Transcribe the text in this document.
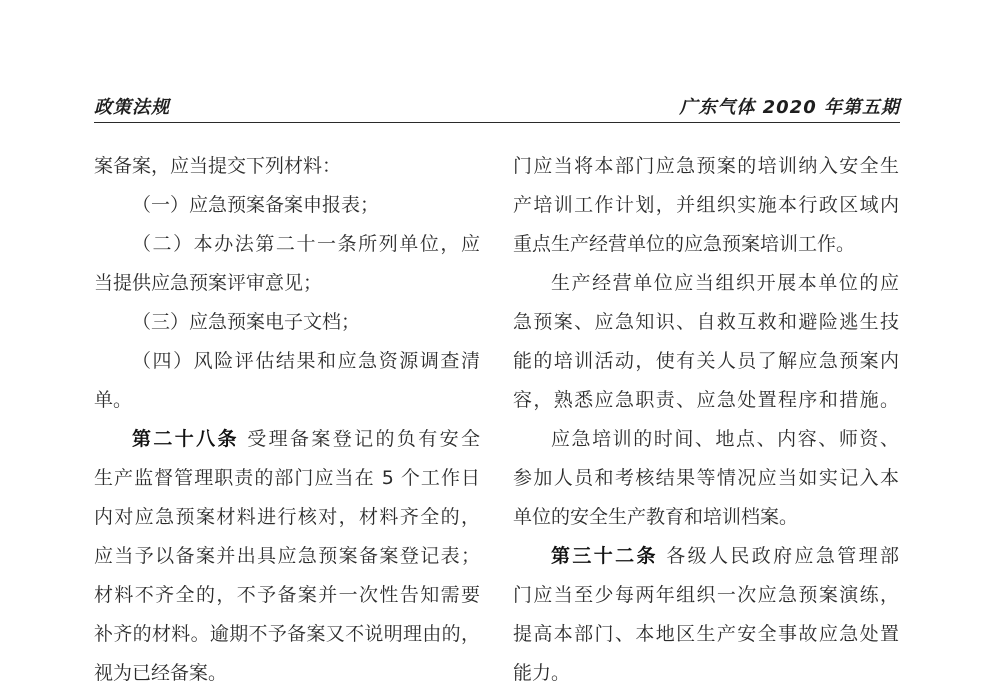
政策法规	广东气体 2020 年第五期
案备案，应当提交下列材料：
（一）应急预案备案申报表；
（二）本办法第二十一条所列单位，应
当提供应急预案评审意见；
（三）应急预案电子文档；
（四）风险评估结果和应急资源调查清
单。
第二十八条 受理备案登记的负有安全
生产监督管理职责的部门应当在 5 个工作日
内对应急预案材料进行核对，材料齐全的，
应当予以备案并出具应急预案备案登记表；
材料不齐全的，不予备案并一次性告知需要
补齐的材料。逾期不予备案又不说明理由的，
视为已经备案。
门应当将本部门应急预案的培训纳入安全生
产培训工作计划，并组织实施本行政区域内
重点生产经营单位的应急预案培训工作。
生产经营单位应当组织开展本单位的应
急预案、应急知识、自救互救和避险逃生技
能的培训活动，使有关人员了解应急预案内
容，熟悉应急职责、应急处置程序和措施。
应急培训的时间、地点、内容、师资、
参加人员和考核结果等情况应当如实记入本
单位的安全生产教育和培训档案。
第三十二条 各级人民政府应急管理部
门应当至少每两年组织一次应急预案演练，
提高本部门、本地区生产安全事故应急处置
能力。
